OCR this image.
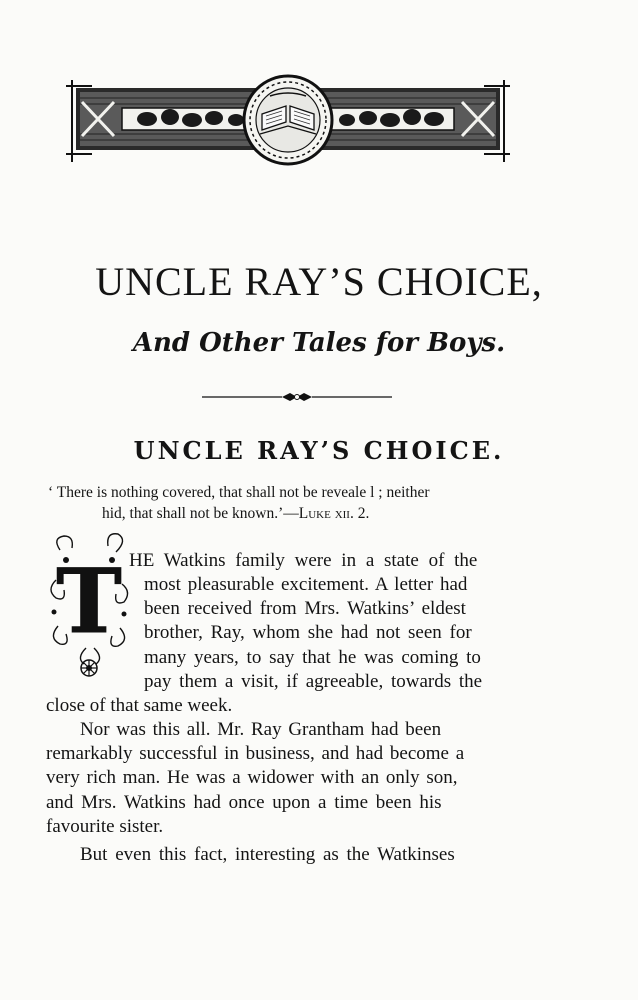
UNCLE RAY’S CHOICE,
And Other Tales for Boys.
UNCLE RAY’S CHOICE.
‘ There is nothing covered, that shall not be reveale l ; neither
hid, that shall not be known.’—Luke xii. 2.
T HE Watkins family were in a state of the
most pleasurable excitement. A letter had
been received from Mrs. Watkins’ eldest
brother, Ray, whom she had not seen for
many years, to say that he was coming to
pay them a visit, if agreeable, towards the
close of that same week.
Nor was this all. Mr. Ray Grantham had been
remarkably successful in business, and had become a
very rich man. He was a widower with an only son,
and Mrs. Watkins had once upon a time been his
favourite sister.
But even this fact, interesting as the Watkinses
